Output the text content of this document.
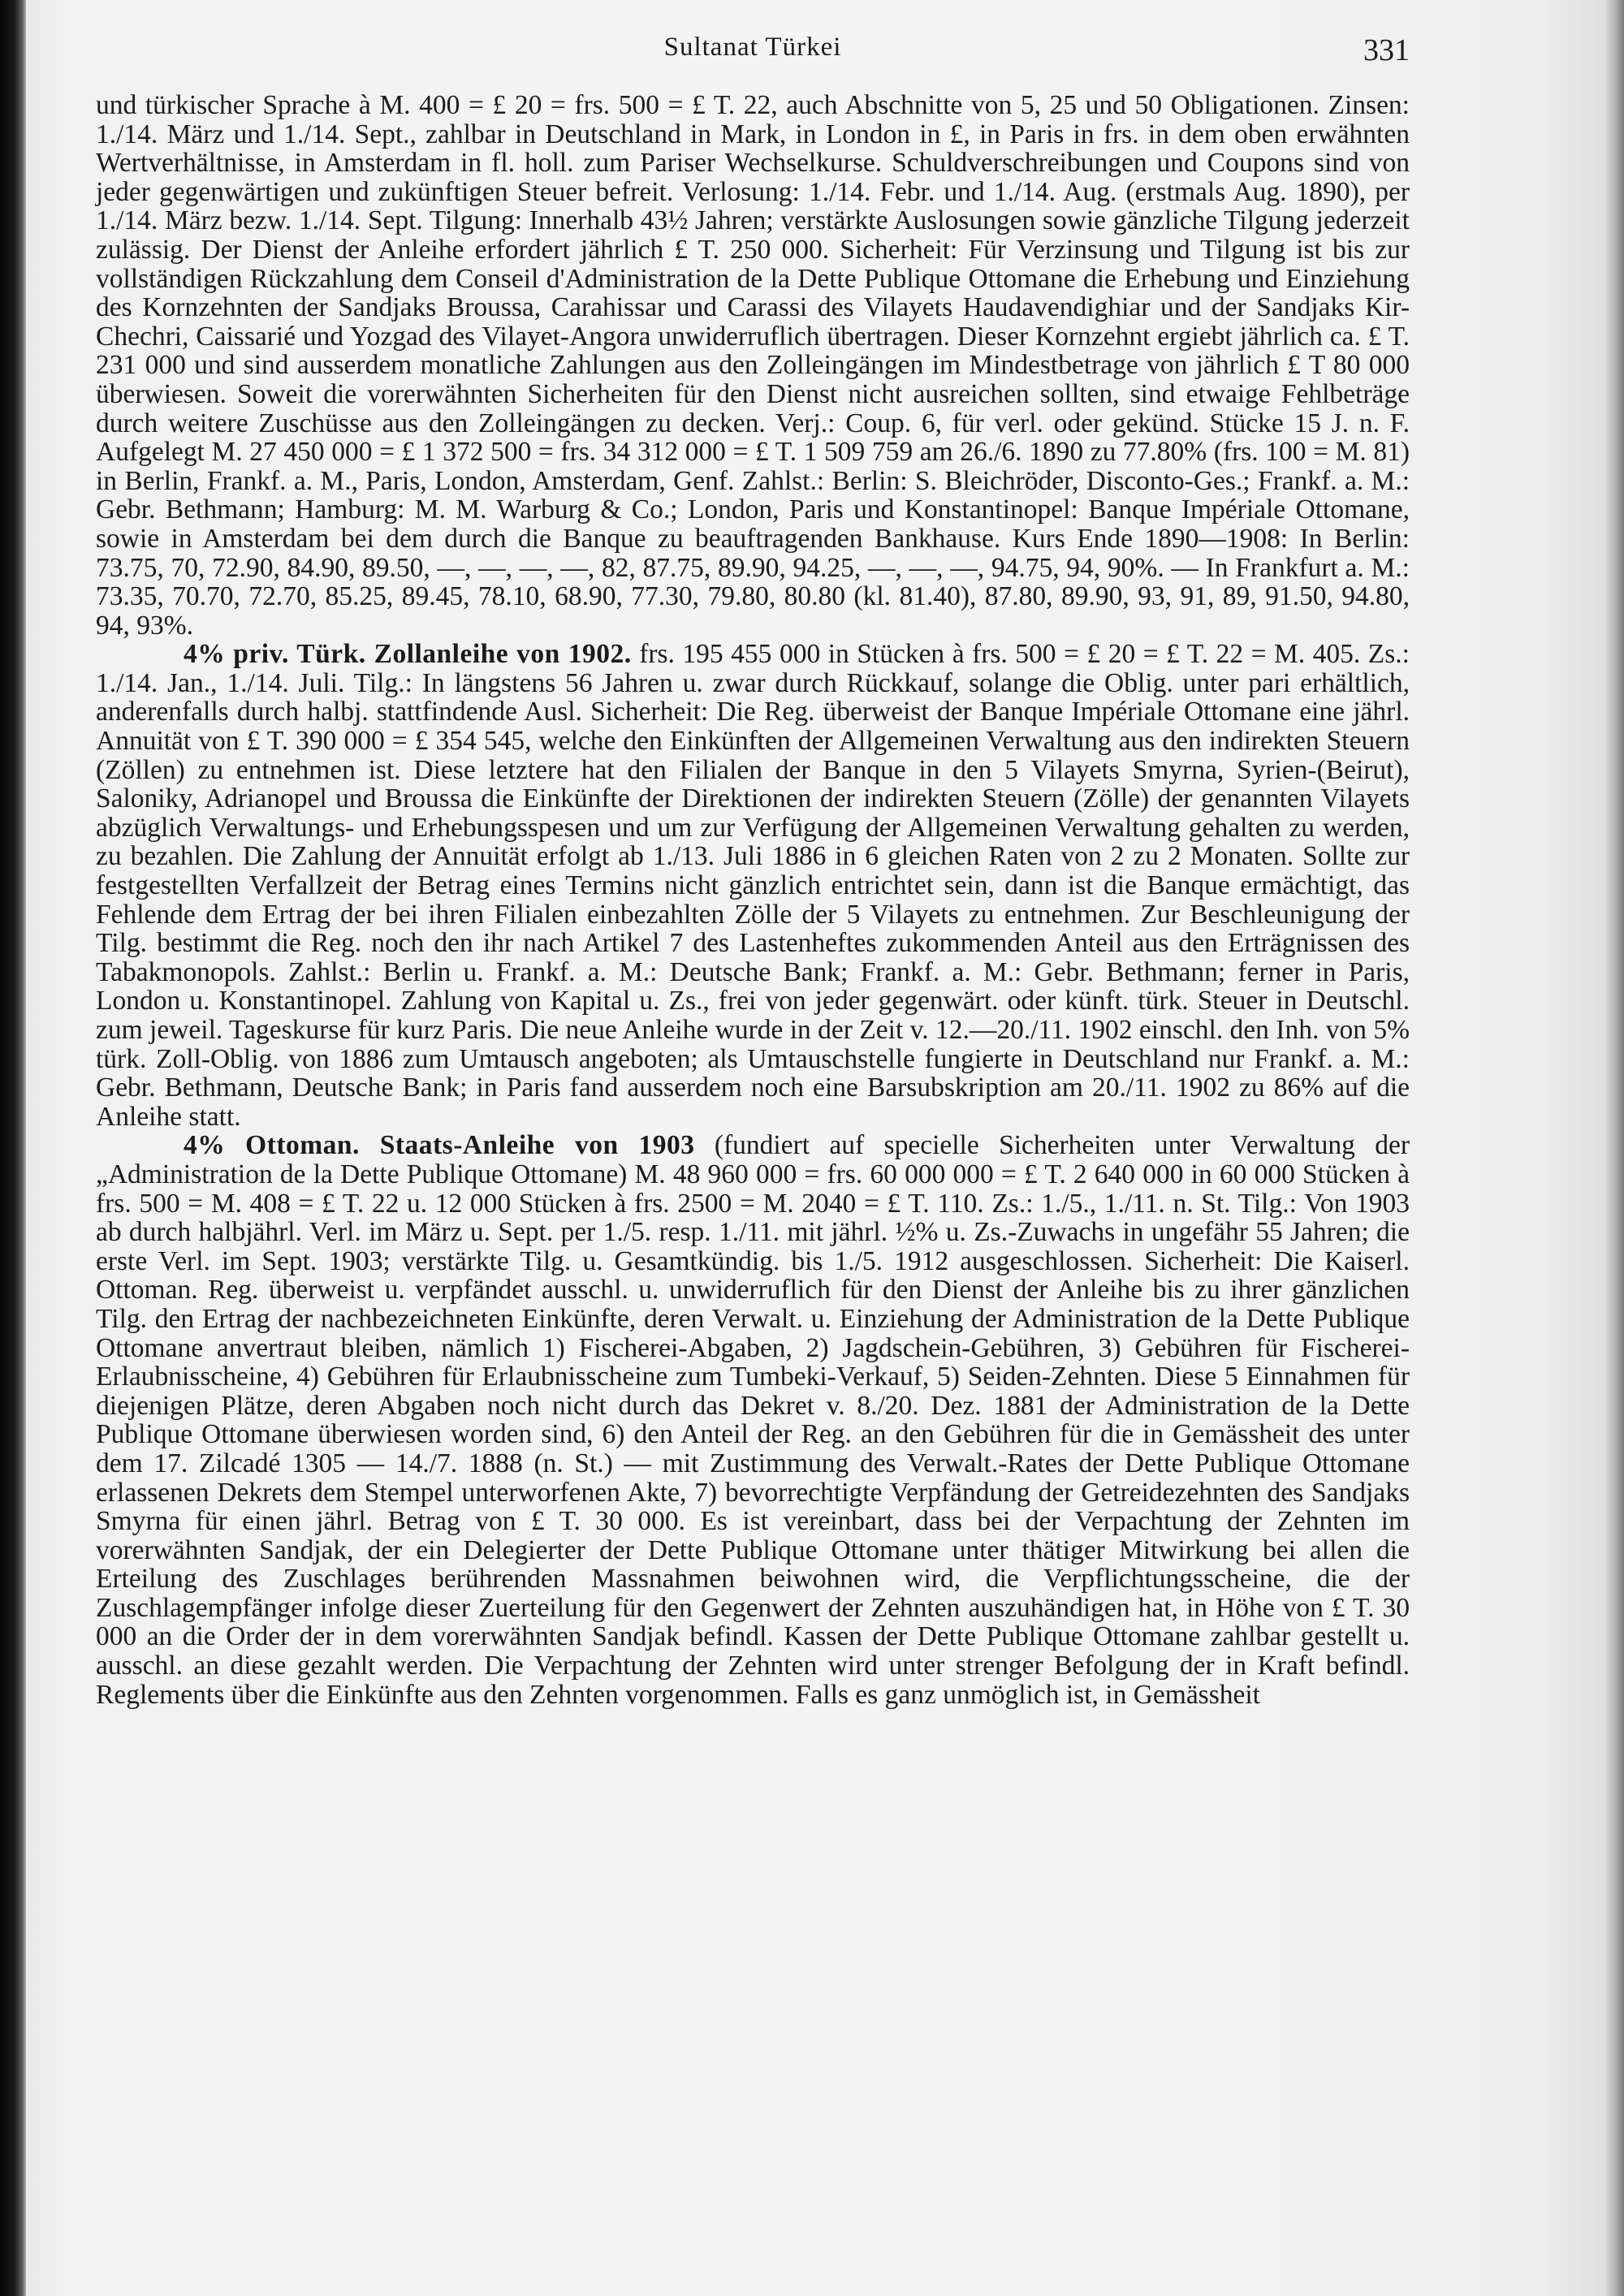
Sultanat Türkei	331

und türkischer Sprache à M. 400 = £ 20 = frs. 500 = £ T. 22, auch Abschnitte von 5, 25 und 50 Obligationen. Zinsen: 1./14. März und 1./14. Sept., zahlbar in Deutschland in Mark, in London in £, in Paris in frs. in dem oben erwähnten Wertverhältnisse, in Amsterdam in fl. holl. zum Pariser Wechselkurse. Schuldverschreibungen und Coupons sind von jeder gegenwärtigen und zukünftigen Steuer befreit. Verlosung: 1./14. Febr. und 1./14. Aug. (erstmals Aug. 1890), per 1./14. März bezw. 1./14. Sept. Tilgung: Innerhalb 43½ Jahren; verstärkte Auslosungen sowie gänzliche Tilgung jederzeit zulässig. Der Dienst der Anleihe erfordert jährlich £ T. 250 000. Sicherheit: Für Verzinsung und Tilgung ist bis zur vollständigen Rückzahlung dem Conseil d'Administration de la Dette Publique Ottomane die Erhebung und Einziehung des Kornzehnten der Sandjaks Broussa, Carahissar und Carassi des Vilayets Haudavendighiar und der Sandjaks Kir-Chechri, Caissarié und Yozgad des Vilayet-Angora unwiderruflich übertragen. Dieser Kornzehnt ergiebt jährlich ca. £ T. 231 000 und sind ausserdem monatliche Zahlungen aus den Zolleingängen im Mindestbetrage von jährlich £ T 80 000 überwiesen. Soweit die vorerwähnten Sicherheiten für den Dienst nicht ausreichen sollten, sind etwaige Fehlbeträge durch weitere Zuschüsse aus den Zolleingängen zu decken. Verj.: Coup. 6, für verl. oder gekünd. Stücke 15 J. n. F. Aufgelegt M. 27 450 000 = £ 1 372 500 = frs. 34 312 000 = £ T. 1 509 759 am 26./6. 1890 zu 77.80% (frs. 100 = M. 81) in Berlin, Frankf. a. M., Paris, London, Amsterdam, Genf. Zahlst.: Berlin: S. Bleichröder, Disconto-Ges.; Frankf. a. M.: Gebr. Bethmann; Hamburg: M. M. Warburg & Co.; London, Paris und Konstantinopel: Banque Impériale Ottomane, sowie in Amsterdam bei dem durch die Banque zu beauftragenden Bankhause. Kurs Ende 1890—1908: In Berlin: 73.75, 70, 72.90, 84.90, 89.50, —, —, —, —, 82, 87.75, 89.90, 94.25, —, —, —, 94.75, 94, 90%. — In Frankfurt a. M.: 73.35, 70.70, 72.70, 85.25, 89.45, 78.10, 68.90, 77.30, 79.80, 80.80 (kl. 81.40), 87.80, 89.90, 93, 91, 89, 91.50, 94.80, 94, 93%.

4% priv. Türk. Zollanleihe von 1902. frs. 195 455 000 in Stücken à frs. 500 = £ 20 = £ T. 22 = M. 405. Zs.: 1./14. Jan., 1./14. Juli. Tilg.: In längstens 56 Jahren u. zwar durch Rückkauf, solange die Oblig. unter pari erhältlich, anderenfalls durch halbj. stattfindende Ausl. Sicherheit: Die Reg. überweist der Banque Impériale Ottomane eine jährl. Annuität von £ T. 390 000 = £ 354 545, welche den Einkünften der Allgemeinen Verwaltung aus den indirekten Steuern (Zöllen) zu entnehmen ist. Diese letztere hat den Filialen der Banque in den 5 Vilayets Smyrna, Syrien-(Beirut), Saloniky, Adrianopel und Broussa die Einkünfte der Direktionen der indirekten Steuern (Zölle) der genannten Vilayets abzüglich Verwaltungs- und Erhebungsspesen und um zur Verfügung der Allgemeinen Verwaltung gehalten zu werden, zu bezahlen. Die Zahlung der Annuität erfolgt ab 1./13. Juli 1886 in 6 gleichen Raten von 2 zu 2 Monaten. Sollte zur festgestellten Verfallzeit der Betrag eines Termins nicht gänzlich entrichtet sein, dann ist die Banque ermächtigt, das Fehlende dem Ertrag der bei ihren Filialen einbezahlten Zölle der 5 Vilayets zu entnehmen. Zur Beschleunigung der Tilg. bestimmt die Reg. noch den ihr nach Artikel 7 des Lastenheftes zukommenden Anteil aus den Erträgnissen des Tabakmonopols. Zahlst.: Berlin u. Frankf. a. M.: Deutsche Bank; Frankf. a. M.: Gebr. Bethmann; ferner in Paris, London u. Konstantinopel. Zahlung von Kapital u. Zs., frei von jeder gegenwärt. oder künft. türk. Steuer in Deutschl. zum jeweil. Tageskurse für kurz Paris. Die neue Anleihe wurde in der Zeit v. 12.—20./11. 1902 einschl. den Inh. von 5% türk. Zoll-Oblig. von 1886 zum Umtausch angeboten; als Umtauschstelle fungierte in Deutschland nur Frankf. a. M.: Gebr. Bethmann, Deutsche Bank; in Paris fand ausserdem noch eine Barsubskription am 20./11. 1902 zu 86% auf die Anleihe statt.

4% Ottoman. Staats-Anleihe von 1903 (fundiert auf specielle Sicherheiten unter Verwaltung der „Administration de la Dette Publique Ottomane) M. 48 960 000 = frs. 60 000 000 = £ T. 2 640 000 in 60 000 Stücken à frs. 500 = M. 408 = £ T. 22 u. 12 000 Stücken à frs. 2500 = M. 2040 = £ T. 110. Zs.: 1./5., 1./11. n. St. Tilg.: Von 1903 ab durch halbjährl. Verl. im März u. Sept. per 1./5. resp. 1./11. mit jährl. ½% u. Zs.-Zuwachs in ungefähr 55 Jahren; die erste Verl. im Sept. 1903; verstärkte Tilg. u. Gesamtkündig. bis 1./5. 1912 ausgeschlossen. Sicherheit: Die Kaiserl. Ottoman. Reg. überweist u. verpfändet ausschl. u. unwiderruflich für den Dienst der Anleihe bis zu ihrer gänzlichen Tilg. den Ertrag der nachbezeichneten Einkünfte, deren Verwalt. u. Einziehung der Administration de la Dette Publique Ottomane anvertraut bleiben, nämlich 1) Fischerei-Abgaben, 2) Jagdschein-Gebühren, 3) Gebühren für Fischerei-Erlaubnisscheine, 4) Gebühren für Erlaubnisscheine zum Tumbeki-Verkauf, 5) Seiden-Zehnten. Diese 5 Einnahmen für diejenigen Plätze, deren Abgaben noch nicht durch das Dekret v. 8./20. Dez. 1881 der Administration de la Dette Publique Ottomane überwiesen worden sind, 6) den Anteil der Reg. an den Gebühren für die in Gemässheit des unter dem 17. Zilcadé 1305 — 14./7. 1888 (n. St.) — mit Zustimmung des Verwalt.-Rates der Dette Publique Ottomane erlassenen Dekrets dem Stempel unterworfenen Akte, 7) bevorrechtigte Verpfändung der Getreidezehnten des Sandjaks Smyrna für einen jährl. Betrag von £ T. 30 000. Es ist vereinbart, dass bei der Verpachtung der Zehnten im vorerwähnten Sandjak, der ein Delegierter der Dette Publique Ottomane unter thätiger Mitwirkung bei allen die Erteilung des Zuschlages berührenden Massnahmen beiwohnen wird, die Verpflichtungsscheine, die der Zuschlagempfänger infolge dieser Zuerteilung für den Gegenwert der Zehnten auszuhändigen hat, in Höhe von £ T. 30 000 an die Order der in dem vorerwähnten Sandjak befindl. Kassen der Dette Publique Ottomane zahlbar gestellt u. ausschl. an diese gezahlt werden. Die Verpachtung der Zehnten wird unter strenger Befolgung der in Kraft befindl. Reglements über die Einkünfte aus den Zehnten vorgenommen. Falls es ganz unmöglich ist, in Gemässheit
